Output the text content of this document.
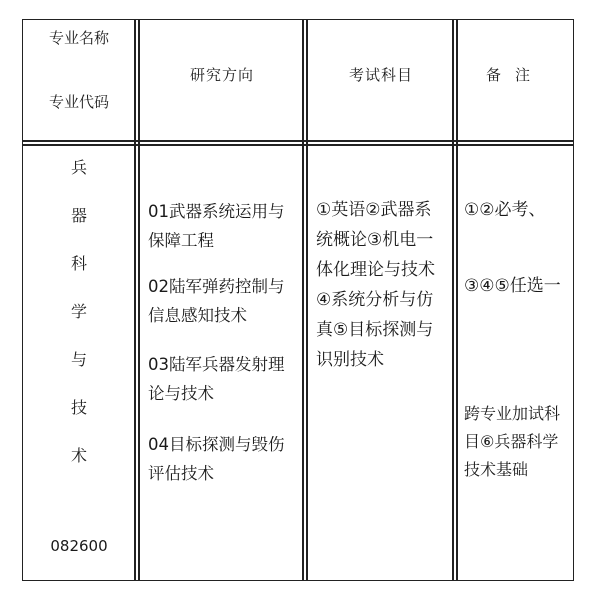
专业名称
专业代码
研究方向	考试科目	备注
兵
器
科
学
与
技
术
082600
01武器系统运用与保障工程
02陆军弹药控制与信息感知技术
03陆军兵器发射理论与技术
04目标探测与毁伤评估技术
①英语②武器系统概论③机电一体化理论与技术④系统分析与仿真⑤目标探测与识别技术
①②必考、
③④⑤任选一
跨专业加试科目⑥兵器科学技术基础
